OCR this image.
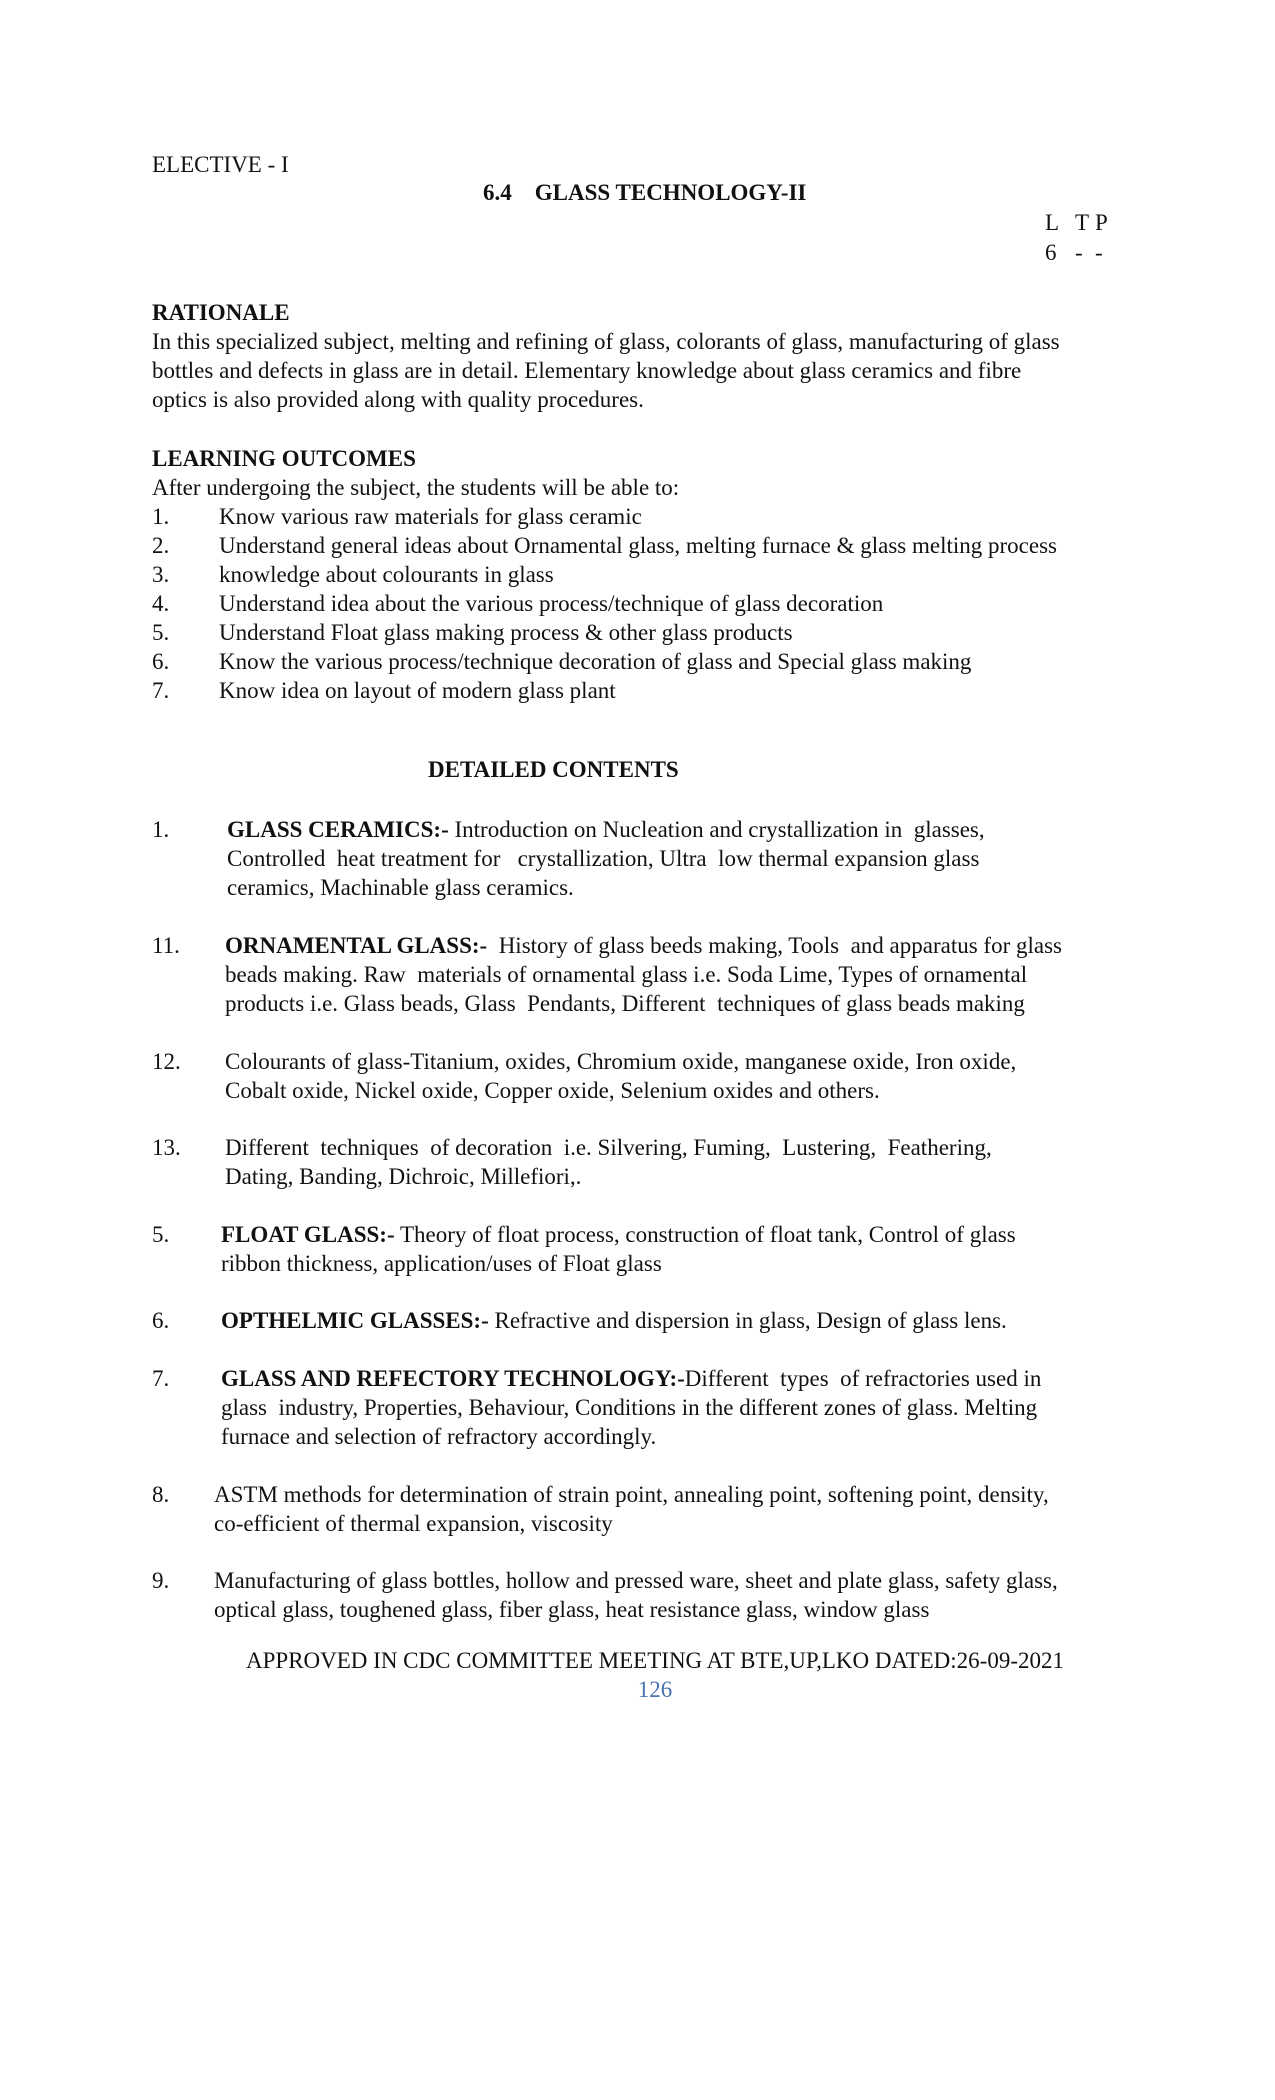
ELECTIVE - I
6.4    GLASS TECHNOLOGY-II
L T P
6 - -
RATIONALE
In this specialized subject, melting and refining of glass, colorants of glass, manufacturing of glass
bottles and defects in glass are in detail. Elementary knowledge about glass ceramics and fibre
optics is also provided along with quality procedures.
LEARNING OUTCOMES
After undergoing the subject, the students will be able to:
1. Know various raw materials for glass ceramic
2. Understand general ideas about Ornamental glass, melting furnace & glass melting process
3. knowledge about colourants in glass
4. Understand idea about the various process/technique of glass decoration
5. Understand Float glass making process & other glass products
6. Know the various process/technique decoration of glass and Special glass making
7. Know idea on layout of modern glass plant
DETAILED CONTENTS
1.	GLASS CERAMICS:- Introduction on Nucleation and crystallization in  glasses,
Controlled  heat treatment for   crystallization, Ultra  low thermal expansion glass
ceramics, Machinable glass ceramics.
11. ORNAMENTAL GLASS:-  History of glass beeds making, Tools  and apparatus for glass
beads making. Raw  materials of ornamental glass i.e. Soda Lime, Types of ornamental
products i.e. Glass beads, Glass  Pendants, Different  techniques of glass beads making
12. Colourants of glass-Titanium, oxides, Chromium oxide, manganese oxide, Iron oxide,
Cobalt oxide, Nickel oxide, Copper oxide, Selenium oxides and others.
13. Different  techniques  of decoration  i.e. Silvering, Fuming,  Lustering,  Feathering,
Dating, Banding, Dichroic, Millefiori,.
5. FLOAT GLASS:- Theory of float process, construction of float tank, Control of glass
ribbon thickness, application/uses of Float glass
6. OPTHELMIC GLASSES:- Refractive and dispersion in glass, Design of glass lens.
7. GLASS AND REFECTORY TECHNOLOGY:-Different  types  of refractories used in
glass  industry, Properties, Behaviour, Conditions in the different zones of glass. Melting
furnace and selection of refractory accordingly.
8. ASTM methods for determination of strain point, annealing point, softening point, density,
co-efficient of thermal expansion, viscosity
9. Manufacturing of glass bottles, hollow and pressed ware, sheet and plate glass, safety glass,
optical glass, toughened glass, fiber glass, heat resistance glass, window glass
APPROVED IN CDC COMMITTEE MEETING AT BTE,UP,LKO DATED:26-09-2021
126
